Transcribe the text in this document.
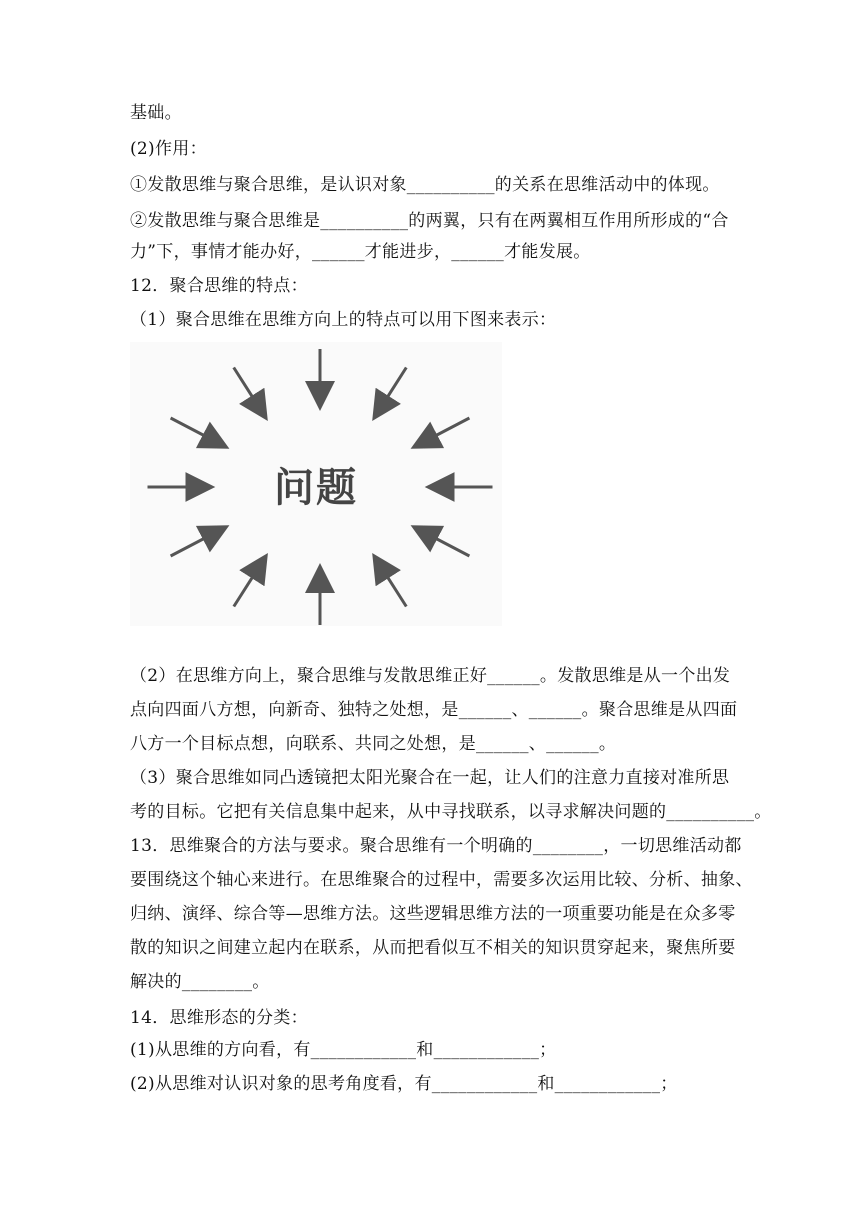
基础。
(2)作用：
①发散思维与聚合思维，是认识对象__________的关系在思维活动中的体现。
②发散思维与聚合思维是__________的两翼，只有在两翼相互作用所形成的“合
力”下，事情才能办好，______才能进步，______才能发展。
12．聚合思维的特点：
（1）聚合思维在思维方向上的特点可以用下图来表示：
问题
（2）在思维方向上，聚合思维与发散思维正好______。发散思维是从一个出发
点向四面八方想，向新奇、独特之处想，是______、______。聚合思维是从四面
八方一个目标点想，向联系、共同之处想，是______、______。
（3）聚合思维如同凸透镜把太阳光聚合在一起，让人们的注意力直接对准所思
考的目标。它把有关信息集中起来，从中寻找联系，以寻求解决问题的__________。
13．思维聚合的方法与要求。聚合思维有一个明确的________，一切思维活动都
要围绕这个轴心来进行。在思维聚合的过程中，需要多次运用比较、分析、抽象、
归纳、演绎、综合等—思维方法。这些逻辑思维方法的一项重要功能是在众多零
散的知识之间建立起内在联系，从而把看似互不相关的知识贯穿起来，聚焦所要
解决的________。
14．思维形态的分类：
(1)从思维的方向看，有____________和____________；
(2)从思维对认识对象的思考角度看，有____________和____________；
